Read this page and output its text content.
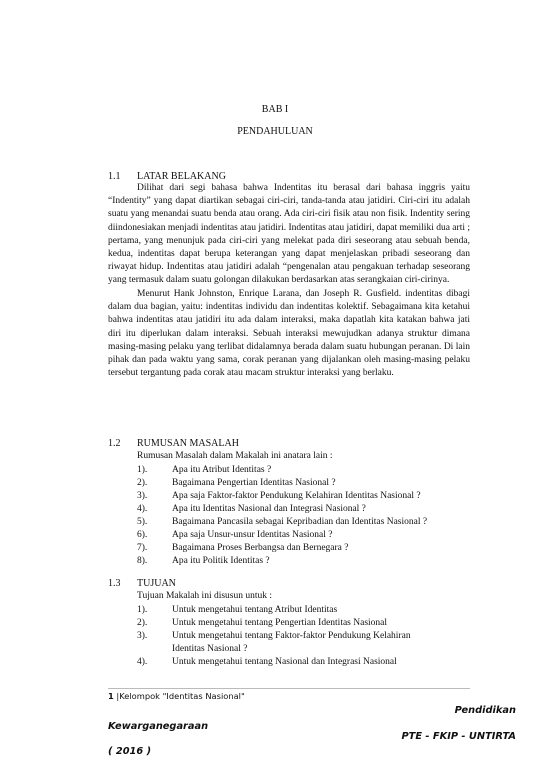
BAB I
PENDAHULUAN
1.1 LATAR BELAKANG

Dilihat dari segi bahasa bahwa Indentitas itu berasal dari bahasa inggris yaitu “Indentity” yang dapat diartikan sebagai ciri-ciri, tanda-tanda atau jatidiri. Ciri-ciri itu adalah suatu yang menandai suatu benda atau orang. Ada ciri-ciri fisik atau non fisik. Indentity sering diindonesiakan menjadi indentitas atau jatidiri. Indentitas atau jatidiri, dapat memiliki dua arti ; pertama, yang menunjuk pada ciri-ciri yang melekat pada diri seseorang atau sebuah benda, kedua, indentitas dapat berupa keterangan yang dapat menjelaskan pribadi seseorang dan riwayat hidup. Indentitas atau jatidiri adalah “pengenalan atau pengakuan terhadap seseorang yang termasuk dalam suatu golongan dilakukan berdasarkan atas serangkaian ciri-cirinya.

Menurut Hank Johnston, Enrique Larana, dan Joseph R. Gusfield. indentitas dibagi dalam dua bagian, yaitu: indentitas individu dan indentitas kolektif. Sebagaimana kita ketahui bahwa indentitas atau jatidiri itu ada dalam interaksi, maka dapatlah kita katakan bahwa jati diri itu diperlukan dalam interaksi. Sebuah interaksi mewujudkan adanya struktur dimana masing-masing pelaku yang terlibat didalamnya berada dalam suatu hubungan peranan. Di lain pihak dan pada waktu yang sama, corak peranan yang dijalankan oleh masing-masing pelaku tersebut tergantung pada corak atau macam struktur interaksi yang berlaku.

1.2 RUMUSAN MASALAH
Rumusan Masalah dalam Makalah ini anatara lain :
1).	Apa itu Atribut Identitas ?
2).	Bagaimana Pengertian Identitas Nasional ?
3).	Apa saja Faktor-faktor Pendukung Kelahiran Identitas Nasional ?
4).	Apa itu Identitas Nasional dan Integrasi Nasional ?
5).	Bagaimana Pancasila sebagai Kepribadian dan Identitas Nasional ?
6).	Apa saja Unsur-unsur Identitas Nasional ?
7).	Bagaimana Proses Berbangsa dan Bernegara ?
8).	Apa itu Politik Identitas ?
1.3 TUJUAN
Tujuan Makalah ini disusun untuk :
1).	Untuk mengetahui tentang Atribut Identitas
2).	Untuk mengetahui tentang Pengertian Identitas Nasional
3).	Untuk mengetahui tentang Faktor-faktor Pendukung Kelahiran
Identitas Nasional ?
4).	Untuk mengetahui tentang Nasional dan Integrasi Nasional
1 |Kelompok "Identitas Nasional"
Pendidikan
Kewarganegaraan
PTE - FKIP - UNTIRTA
( 2016 )
